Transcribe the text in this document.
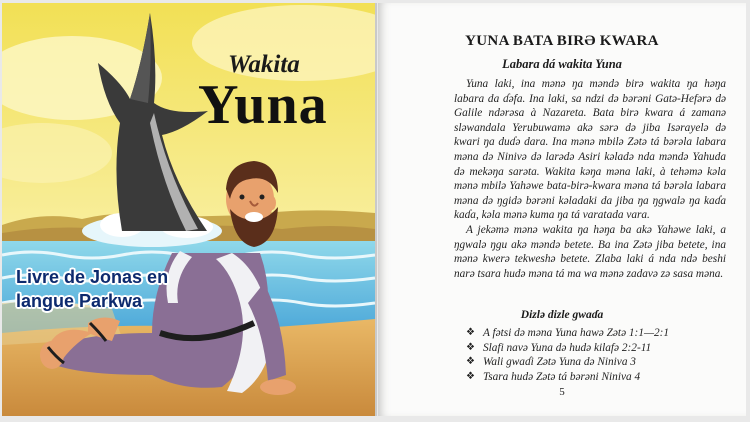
Wakita

Yuna

Livre de Jonas en langue Parkwa

YUNA BATA BIRƏ KWARA
Labara dá wakita Yuna

Yuna laki, ina mənə ŋa məndə birə wakita ŋa həŋa labara da ɗəfa. Ina laki, sa ndzi də bərəni Gatə-Hefərə də Galile ndərəsa à Nazareta. Bata birə kwara á zamanə sləwandala Yerubuwamə akə sərə də jiba Isərayelə də kwari ŋa duɗə dara. Ina mənə mbilə Zətə tá bərəla labara məna də Ninivə də larədə Asiri kəladə nda məndə Yahuda də mekəŋa sarəta. Wakita kəŋa məna laki, à tehəmə kəla mənə mbilə Yahəwe bata-birə-kwara məna tá bərəla labara məna də ŋgidə bərəni kəladaki da jiba ŋa ŋgwalə ŋa kaɗa kaɗa, kəla mənə kuma ŋa tá varatada vara.

A jekəmə mənə wakita ŋa həŋa ba akə Yahəwe laki, a ŋgwalə ŋgu akə məndə betete. Ba ina Zətə jiba betete, ina mənə kwerə tekweshə betete. Zlaba laki á nda ndə beshi narə tsara hudə məna tá ma wa mənə zadavə zə sasa məna.

Dizlə dizle gwaɗa
❖ A fətsi də məna Yuna hawə Zətə 1:1—2:1
❖ Slafi navə Yuna də hudə kilafə 2:2-11
❖ Wali gwaɗi Zətə Yuna də Niniva 3
❖ Tsara hudə Zətə tá bərəni Niniva 4

5
